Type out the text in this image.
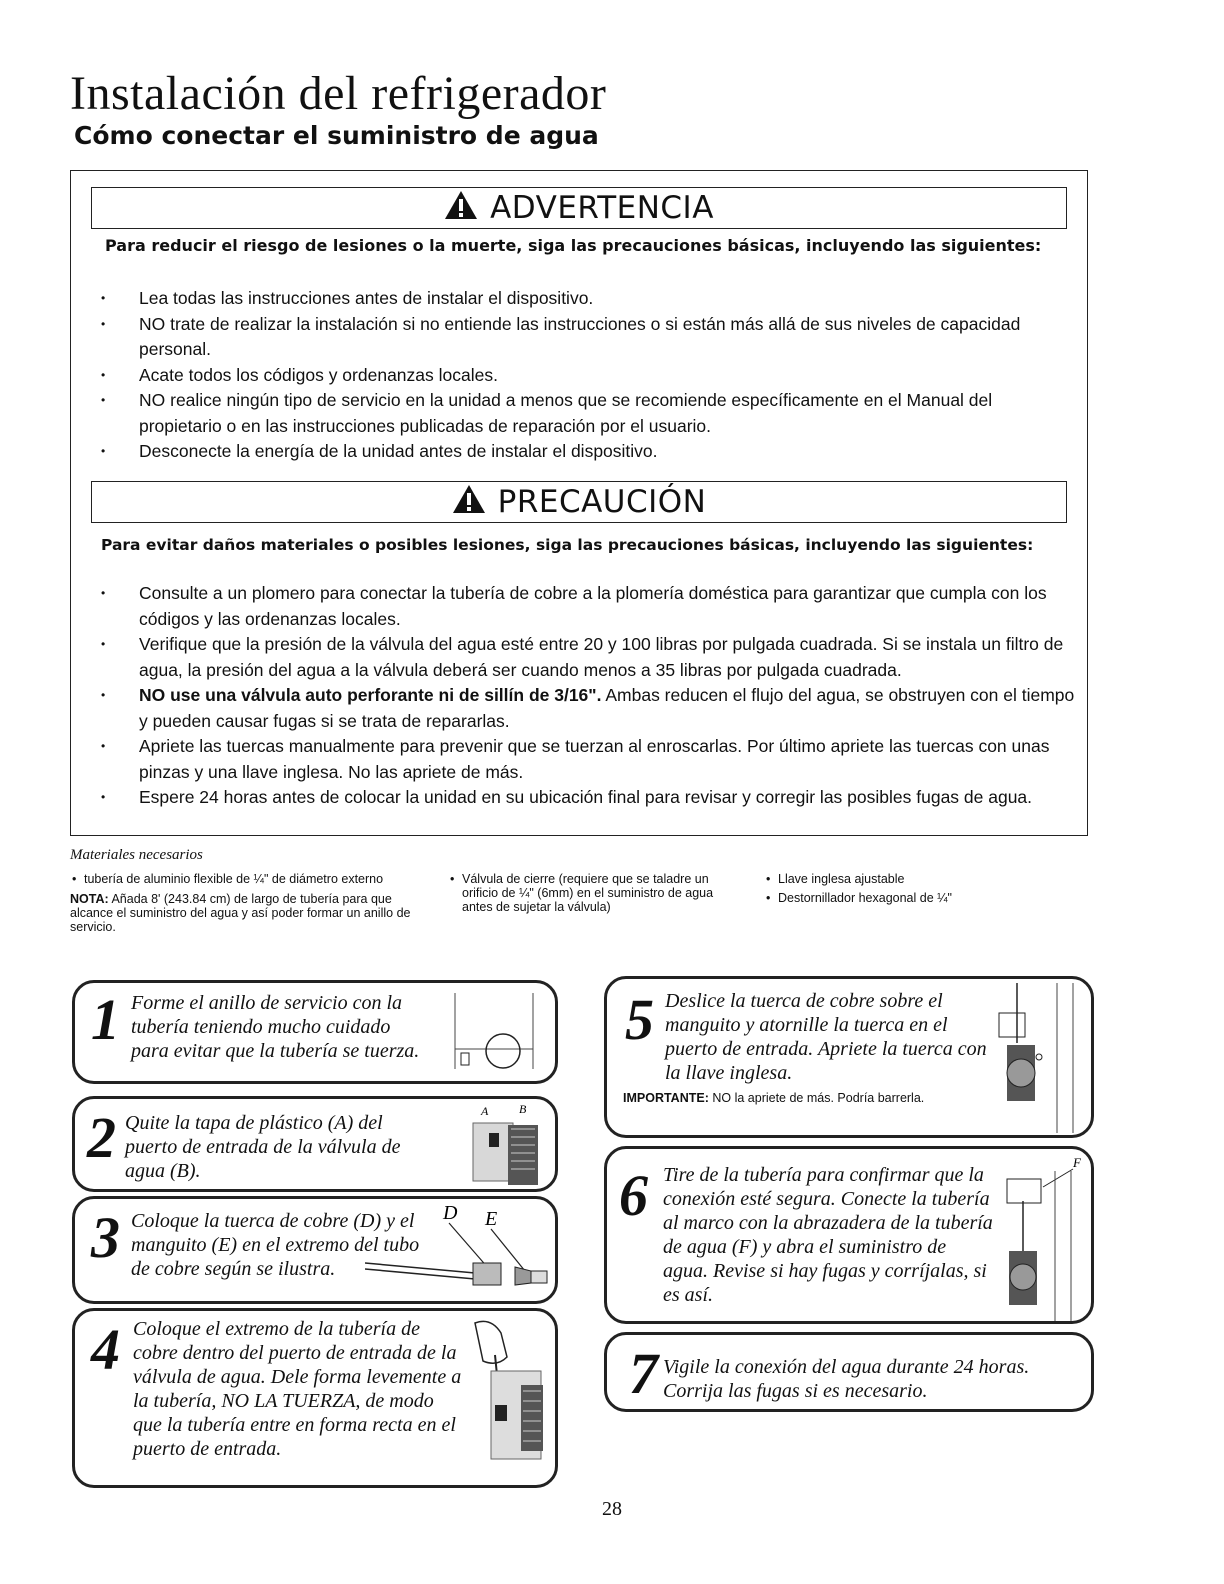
Instalación del refrigerador
Cómo conectar el suministro de agua
ADVERTENCIA

Para reducir el riesgo de lesiones o la muerte, siga las precauciones básicas, incluyendo las siguientes:

• Lea todas las instrucciones antes de instalar el dispositivo.
• NO trate de realizar la instalación si no entiende las instrucciones o si están más allá de sus niveles de capacidad personal.
• Acate todos los códigos y ordenanzas locales.
• NO realice ningún tipo de servicio en la unidad a menos que se recomiende específicamente en el Manual del propietario o en las instrucciones publicadas de reparación por el usuario.
• Desconecte la energía de la unidad antes de instalar el dispositivo.
PRECAUCIÓN

Para evitar daños materiales o posibles lesiones, siga las precauciones básicas, incluyendo las siguientes:

• Consulte a un plomero para conectar la tubería de cobre a la plomería doméstica para garantizar que cumpla con los códigos y las ordenanzas locales.
• Verifique que la presión de la válvula del agua esté entre 20 y 100 libras por pulgada cuadrada. Si se instala un filtro de agua, la presión del agua a la válvula deberá ser cuando menos a 35 libras por pulgada cuadrada.
• NO use una válvula auto perforante ni de sillín de 3/16". Ambas reducen el flujo del agua, se obstruyen con el tiempo y pueden causar fugas si se trata de repararlas.
• Apriete las tuercas manualmente para prevenir que se tuerzan al enroscarlas. Por último apriete las tuercas con unas pinzas y una llave inglesa. No las apriete de más.
• Espere 24 horas antes de colocar la unidad en su ubicación final para revisar y corregir las posibles fugas de agua.
Materiales necesarios
• tubería de aluminio flexible de ¼" de diámetro externo
NOTA: Añada 8' (243.84 cm) de largo de tubería para que alcance el suministro del agua y así poder formar un anillo de servicio.
• Válvula de cierre (requiere que se taladre un orificio de ¼" (6mm) en el suministro de agua antes de sujetar la válvula)
• Llave inglesa ajustable
• Destornillador hexagonal de ¼"
1 Forme el anillo de servicio con la tubería teniendo mucho cuidado para evitar que la tubería se tuerza.

2 Quite la tapa de plástico (A) del puerto de entrada de la válvula de agua (B).

A	B
3 Coloque la tuerca de cobre (D) y el manguito (E) en el extremo del tubo de cobre según se ilustra.

D E
4 Coloque el extremo de la tubería de cobre dentro del puerto de entrada de la válvula de agua. Dele forma levemente a la tubería, NO LA TUERZA, de modo que la tubería entre en forma recta en el puerto de entrada.

5 Deslice la tuerca de cobre sobre el manguito y atornille la tuerca en el puerto de entrada. Apriete la tuerca con la llave inglesa.

IMPORTANTE: NO la apriete de más. Podría barrerla.
6 Tire de la tubería para confirmar que la conexión esté segura. Conecte la tubería al marco con la abrazadera de la tubería de agua (F) y abra el suministro de agua. Revise si hay fugas y corríjalas, si es así.

F
7 Vigile la conexión del agua durante 24 horas. Corrija las fugas si es necesario.

28
